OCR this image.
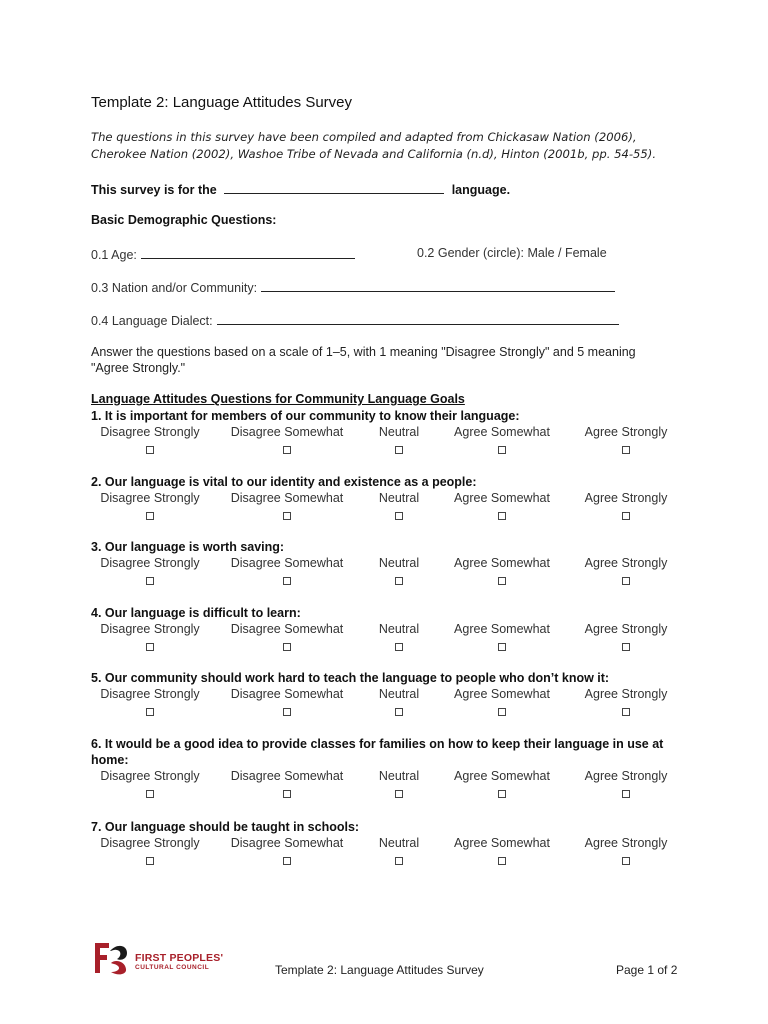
Template 2: Language Attitudes Survey
The questions in this survey have been compiled and adapted from Chickasaw Nation (2006), Cherokee Nation (2002), Washoe Tribe of Nevada and California (n.d), Hinton (2001b, pp. 54-55).
This survey is for the	language.
Basic Demographic Questions:
0.1 Age:	0.2 Gender (circle): Male / Female
0.3 Nation and/or Community:
0.4 Language Dialect:
Answer the questions based on a scale of 1–5, with 1 meaning "Disagree Strongly" and 5 meaning "Agree Strongly."
Language Attitudes Questions for Community Language Goals
1. It is important for members of our community to know their language:
Disagree Strongly Disagree Somewhat	Neutral	Agree Somewhat	Agree Strongly
2. Our language is vital to our identity and existence as a people:
Disagree Strongly Disagree Somewhat	Neutral	Agree Somewhat	Agree Strongly
3. Our language is worth saving:
Disagree Strongly Disagree Somewhat	Neutral	Agree Somewhat	Agree Strongly
4. Our language is difficult to learn:
Disagree Strongly Disagree Somewhat	Neutral	Agree Somewhat	Agree Strongly
5. Our community should work hard to teach the language to people who don’t know it:
Disagree Strongly Disagree Somewhat	Neutral	Agree Somewhat	Agree Strongly
6. It would be a good idea to provide classes for families on how to keep their language in use at home:
Disagree Strongly Disagree Somewhat	Neutral	Agree Somewhat	Agree Strongly
7. Our language should be taught in schools:
Disagree Strongly Disagree Somewhat	Neutral	Agree Somewhat	Agree Strongly
FIRST PEOPLES'
CULTURAL COUNCIL	Template 2: Language Attitudes Survey	Page 1 of 2
